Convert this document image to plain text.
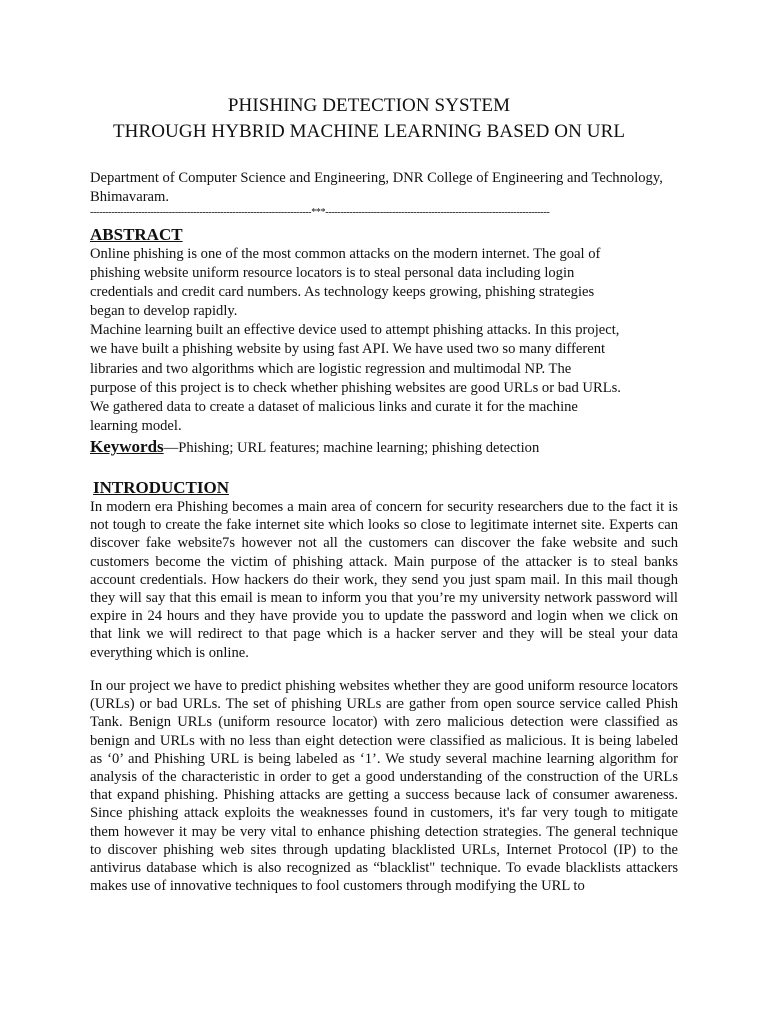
PHISHING DETECTION SYSTEM
THROUGH HYBRID MACHINE LEARNING BASED ON URL
Department of Computer Science and Engineering, DNR College of Engineering and Technology, Bhimavaram.
-------------------------------------------------------------------------***--------------------------------------------------------------------------
ABSTRACT
Online phishing is one of the most common attacks on the modern internet. The goal of
phishing website uniform resource locators is to steal personal data including login
credentials and credit card numbers. As technology keeps growing, phishing strategies
began to develop rapidly.
Machine learning built an effective device used to attempt phishing attacks. In this project,
we have built a phishing website by using fast API. We have used two so many different
libraries and two algorithms which are logistic regression and multimodal NP. The
purpose of this project is to check whether phishing websites are good URLs or bad URLs.
We gathered data to create a dataset of malicious links and curate it for the machine
learning model.
Keywords—Phishing; URL features; machine learning; phishing detection
INTRODUCTION

In modern era Phishing becomes a main area of concern for security researchers due to the fact it is not tough to create the fake internet site which looks so close to legitimate internet site. Experts can discover fake website7s however not all the customers can discover the fake website and such customers become the victim of phishing attack. Main purpose of the attacker is to steal banks account credentials. How hackers do their work, they send you just spam mail. In this mail though they will say that this email is mean to inform you that you’re my university network password will expire in 24 hours and they have provide you to update the password and login when we click on that link we will redirect to that page which is a hacker server and they will be steal your data everything which is online.

In our project we have to predict phishing websites whether they are good uniform resource locators (URLs) or bad URLs. The set of phishing URLs are gather from open source service called Phish Tank. Benign URLs (uniform resource locator) with zero malicious detection were classified as benign and URLs with no less than eight detection were classified as malicious. It is being labeled as ‘0’ and Phishing URL is being labeled as ‘1’. We study several machine learning algorithm for analysis of the characteristic in order to get a good understanding of the construction of the URLs that expand phishing. Phishing attacks are getting a success because lack of consumer awareness. Since phishing attack exploits the weaknesses found in customers, it's far very tough to mitigate them however it may be very vital to enhance phishing detection strategies. The general technique to discover phishing web sites through updating blacklisted URLs, Internet Protocol (IP) to the antivirus database which is also recognized as “blacklist" technique. To evade blacklists attackers makes use of innovative techniques to fool customers through modifying the URL to
